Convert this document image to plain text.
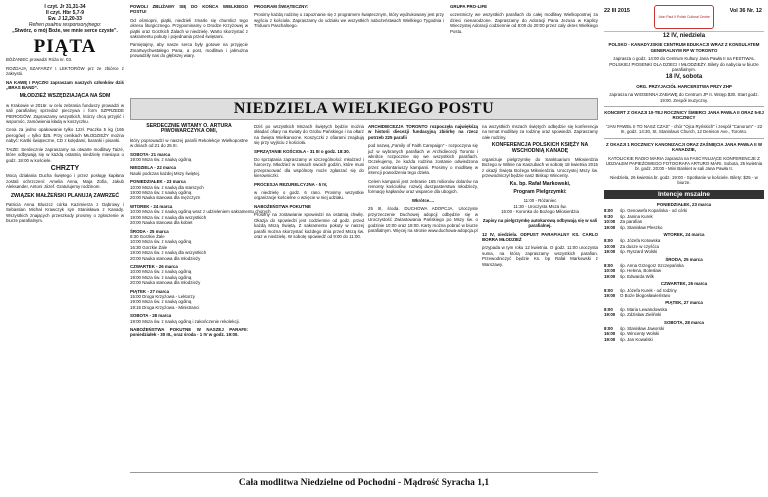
I czyt. Jr 31,31-34
II czyt. Hbr 5,7-9
Ew. J 12,20-33
Refren psalmu responsoryjnego:
„Stwórz, o mój Boże, we mnie serce czyste”.
PIĄTA

BÓŻANIEC prowadzi Róża nr. 03.

ROZDAJĄ SZAFARZY I LEKTORÓW prz ze zbiórce z zakrystii.

NA KAWĘ I PĄCZKI zapraszam naszych członków dziś „BRAS BAND”.

MŁODZIEŻ WSZĘDZIAJĄCA NA ŚDM

w Krakowie w 2016r. w celu zebrania funduszy prowadzi w sali parafialnej sprzedaż pieczywa i form SZPRZEDE PIEROGÓW. Zapraszamy wszystkich, którzy chcą przyjść i wspomóc, zamówienia kładą w koszyczku.

Cena za jedno opakowanie tylko 12zł. Paczka 5 kg (165 pierogów) = tylko $25. Przy cenikach MŁODZIEŻY można nabyć: Kartki świąteczne, CD z kolędami, baranki i pisanki.

TAIZE: Serdecznie zapraszamy na otwarte modlitwy Taizé, które odbywają się w każdą ostatnią niedzielę miesiąca o godz. 19:00 w kościele.

CHRZTY

Mocą działania Ducha świętego i przez posługę kapłana zostali ochrzczeni: Amelia Anna, Maja Zofia, Jakub Aleksander, Antoni Józef. Gratulujemy rodzinom.

ZWIĄZEK MAŁŻEŃSKI PLANUJĄ ZAWRZEĆ

Patricia Anna Bluszcz córka Kazimierza z Dąbrowy i Sebastian Michał Krawczyk syn Stanisława z Kanady. Wszystkich znających przeszkody prosimy o zgłoszenie w biurze parafialnym.

POWOLI ZBLIŻAMY SIĘ DO KOŃCA WIELKIEGO POSTU!

Od ośmiopni, piątki, niedzieli zmarło się chumlicz tego okresu liturgicznego. Przypominamy o Drodze Krzyżowej w piątki oraz Gorzkich Żalach w niedzielę. Warto skorzystać z sakramentu pokuty i pojednania przed świętami.

Pamiętajmy, aby nasze serca były gotowe na przyjęcie Zmartwychwstałego Pana, a post, modlitwa i jałmużna prowadziły nas do głębszej wiary.

PROGRAM ŚWIĄTECZNY:

Prosimy każdą rodzinę o zapoznanie się z programem świątecznym, który wydrukowany jest przy wyjściu z kościoła. Zapraszamy do udziału we wszystkich nabożeństwach Wielkiego Tygodnia i Triduum Paschalnego.

GRUPA PRO-LIFE

uczestniczy we wszystkich parafiach do całej modlitwy Wielkopostnej za dzieci nienarodzone. Zapraszamy do Adoracji Pana Jezusa w Kaplicy Wieczystej Adoracji codziennie od 8:00 do 20:00 przez cały okres Wielkiego Postu.

NIEDZIELA WIELKIEGO POSTU
SERDECZNIE WITAMY O. ARTURA PIWOWARCZYKA OMI,

który poprowadzi w naszej parafii Rekolekcje Wielkopostne w dniach od 21 do 25 III.

SOBOTA- 21 marca
19:00 Msza św. z nauką ogólną
NIEDZIELA - 22 marca
Nauki podczas każdej Mszy świętej.
PONIEDZIAŁEK - 23 marca
10:00 Msza św. z nauką dla starszych
19:00 Msza św. z nauką ogólną
20:00 Nauka stanowa dla mężczyzn
WTOREK - 24 marca
10:00 Msza św. z nauką ogólną wraz z udzieleniem sakramentu chorych
19:00 Msza św. z nauką dla wszystkich
20:00 Nauka stanowa dla kobiet
ŚRODA - 25 marca
8:30 Gorzkie Żale
10:00 Msza św. z nauką ogólną
16:30 Gorzkie Żale
19:00 Msza św. z nauką dla wszystkich
20:00 Nauka stanowa dla młodzieży
CZWARTEK - 26 marca
10:00 Msza św. z nauką ogólną
19:00 Msza św. z nauką ogólną
20:00 Nauka stanowa dla młodzieży
PIĄTEK - 27 marca
15:00 Droga Krzyżowa - Lektorzy
19:00 Msza św. z nauką ogólną
19:15 Droga Krzyżowa - Ministranci
SOBOTA - 28 marca
19:00 Msza św. z nauką ogólną i zakończenie rekolekcji.

NABOŻEŃSTWA POKUTNE W NASZEJ PARAFII: poniedziałek - 30 III., oraz środa - 1 IV w godz. 19:00.

Dziś po wszystkich Mszach świętych będzie można składać ofiary na Kwiaty do Grobu Pańskiego i na ołtarz na Święta Wielkanocne. Koszyczki z ofiarami znajdują się przy wyjściu z kościoła.

SPRZĄTANIE KOŚCIOŁA - 31 III o godz. 18:30.

Do sprzątania zapraszamy w szczególności: młodzież i harcerzy. Młodzież w ramach swoich godzin, które musi przepracować dla wspólnoty może zgłaszać się do kierowniczki.

PROCESJA REZURELCYJNA - 5 IV,

w niedzielę o godz. 6 rano. Prosimy wszystkie organizacje kościelne o wzięcie w niej udziału.

NABOŻEŃSTWA POKUTNE

Prosimy na zostawianie spowiedzi na ostatnią chwilę. Okazja do spowiedzi jest codziennie od godz. przed każdą Mszą Świętą. Z sakramentu pokuty w naszej parafii można skorzystać każdego dnia przed Mszą św. oraz w niedzielę. W sobotę spowiedź od 9:00 do 11:00.

ARCHIDIECEZJA TORONTO rozpoczęła najwiękśzą w historii diecezji fundacyjną zbiórkę na rzecz potrzeb 225 parafii

pod nazwą „Family of Faith Campaign” - rozpoczyna się już w wybranych parafiach w Archidiecezji Toronto i wkrótce rozpocznie się we wszystkich parafiach. Oczekujemy, że każda rodzina zostanie odwiedzona przez wolontariuszy kampanii. Prosimy o modlitwę w intencji powodzenia tego dzieła.

Celem kampanii jest zebranie 165 milionów dolarów na remonty kościołów, rozwój duszpasterstwa młodzieży, formację kapłanów oraz wsparcie dla ubogich.

Wkrótce....

25 III, środa. DUCHOWA ADOPCJA. Uroczyste przyrzeczenie Duchowej adopcji odbędzie się w Uroczystość Zwiastowania Pańskiego po Mszy św. o godzinie 10:00 oraz 19:00. Karty można pobrać w biurze parafialnym. Więcej na stronie www.duchowa-adopcja.pl

na wszystkich mszach świętych odbędzie się konferencja na temat modlitwy za rodzinę oraz spowiedzi. Zapraszamy całe rodziny.

KONFERENCJA POLSKICH KSIĘŻY NA WSCHODNIĄ KANADĘ

organizuje pielgrzymkę do Sanktuarium Miłosierdzia Bożego w Wilnie na Kaszubach w sobotę 18 kwietnia 2015 z okazji Święta Bożego Miłosierdzia. Uroczystej Mszy św. przewodniczył będzie nasz Biskup Wincenty.

Ks. bp. Rafał Markowski,
Program Pielgrzymki:
11:00 - Różaniec
11:30 - Uroczysta Msza św.
15:00 - Koronka do Bożego Miłosierdzia

Zapisy na pielgrzymkę autokarową odbywają się w sali parafialnej.

12 IV, niedziela. ODPUST PARAFIALNY KS. CARLO BORRA MŁODZIEŻ

przypada w tym roku 12 kwietnia. O godz. 11:00 uroczysta suma, na którą zapraszamy wszystkich parafian. Przewodniczyć będzie Ks. bp Rafał Markowski z Warszawy.

Cała modlitwa Niedzielne od Pochodni - Mądrość Syracha 1,1
22 III 2015
John Paul II Polish Cultural Centre
Vol 36 Nr. 12

12 IV, niedziela

POLSKO - KANADYJSKIE CENTRUM EDUKACJI WRAZ Z KONSULATEM GENERALNYM RP W TORONTO

zaprasza o godz. 14:00 do Centrum Kultury Jana Pawła II na FESTIWAL POLSKIEJ PIOSENKI DLA DZIECI I MŁODZIEŻY. Bilety do nabycia w biurze parafialnym.

18 IV, sobota

ORG. PRZYJACIÓŁ HARCERSTWA PRZY ZHP

zaprasza na WIOSENNA ZABAWĘ do Centrum JP II. Wstęp $30. Start godz. 19:00. Zespół muzyczny.

KONCERT Z OKAZJI 10-TEJ ROCZNICY ŚMIERCI JANA PAWŁA II ORAZ 5-EJ ROCZNICY

"JAN PAWEŁ II TO NASZ CZAS" - chór "Ojca Ryńskich" i zespół "Canorum" - 22 III, godz. 14:30, St. Stanislaus Church, 12 Denison Ave., Toronto.

Z OKAZJI 1 ROCZNICY KANONIZACJI ORAZ ZAŚNIĘCIA JANA PAWŁA II W KANADZIE,

KATOLICKIE RADIO MARIA zaprasza na FASCYNUJĄCE KONFERENCJE Z UDZIAŁEM PAPIEŻOWEGO FOTOGRAFA ARTURO MARI. Sobota, 25 kwietnia br. godz. 20:00 - Mini Bankiet w sali Jana Pawła II.

Niedziela, 26 kwietnia br. godz. 19:00 - Spotkanie w kościele. Bilety: $25 - w biurze.

Intencje mszalne
PONIEDZIAŁEK, 23 marca
8:00	śp. Genowefa Kopańska - od córki
9:30	śp. Janina Kurek
10:00	Za parafian
19:00	śp. Stanisław Pleszko
WTOREK, 24 marca
8:00	śp. Józefa Kotowska
10:00	Za dusze w czyśćcu
19:00	śp. Ryszard Wolski
ŚRODA, 25 marca
8:00	śp. Anna Grzegorz Szczepańska
10:00	śp. Helena, Bolesław
19:00	śp. Edwarda Wilk
CZWARTEK, 26 marca
8:00	śp. Józefa Kurek - od rodziny
19:00	O Boże błogosławieństwo
PIĄTEK, 27 marca
8:00	śp. Maria Lewandowska
19:00	śp. Zdzisław Zieliński
SOBOTA, 28 marca
8:00	śp. Stanisław Jaworski
16:00	śp. Wincenty Wolski
19:00	śp. Jan Kowalski
